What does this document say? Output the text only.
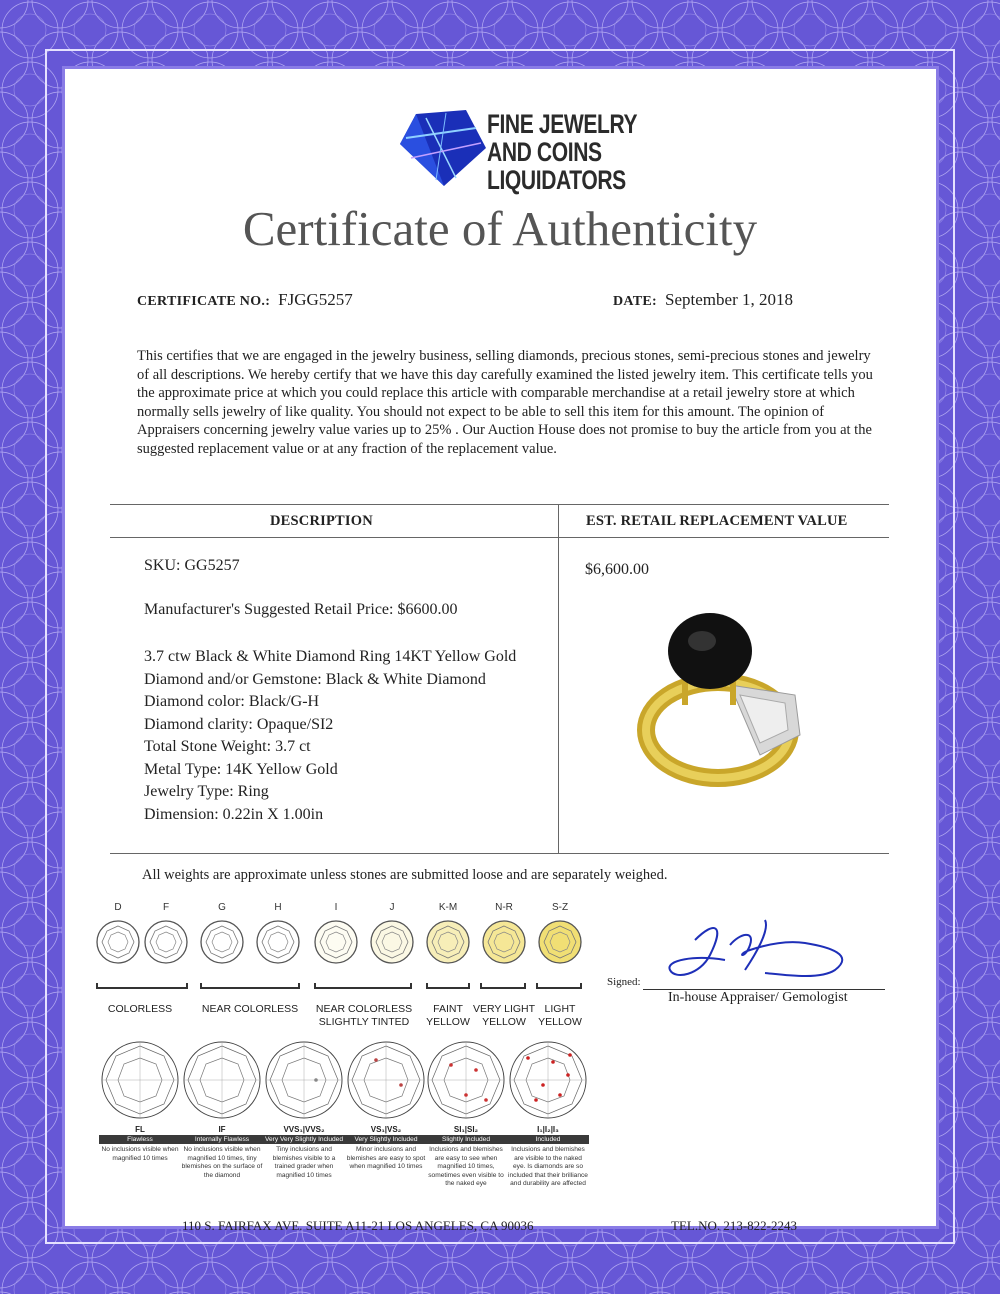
FINE JEWELRY
AND COINS
LIQUIDATORS
Certificate of Authenticity
CERTIFICATE NO.: FJGG5257	DATE: September 1, 2018
This certifies that we are engaged in the jewelry business, selling diamonds, precious stones, semi-precious stones and jewelry of all descriptions. We hereby certify that we have this day carefully examined the listed jewelry item. This certificate tells you the approximate price at which you could replace this article with comparable merchandise at a retail jewelry store at which normally sells jewelry of like quality. You should not expect to be able to sell this item for this amount. The opinion of Appraisers concerning jewelry value varies up to 25% . Our Auction House does not promise to buy the article from you at the suggested replacement value or at any fraction of the replacement value.
DESCRIPTION	EST. RETAIL REPLACEMENT VALUE
SKU: GG5257
Manufacturer's Suggested Retail Price: $6600.00
3.7 ctw Black & White Diamond Ring 14KT Yellow Gold
Diamond and/or Gemstone: Black & White Diamond
Diamond color: Black/G-H
Diamond clarity: Opaque/SI2
Total Stone Weight: 3.7 ct
Metal Type: 14K Yellow Gold
Jewelry Type: Ring
Dimension: 0.22in X 1.00in
$6,600.00
All weights are approximate unless stones are submitted loose and are separately weighed.
D	F	G	H	I	J	K-M	N-R	S-Z
COLORLESS	NEAR COLORLESS	NEAR COLORLESS
SLIGHTLY TINTED
FAINT
YELLOW
VERY LIGHT
YELLOW
LIGHT
YELLOW
FL
Flawless
No inclusions visible when magnified 10 times
IF
Internally Flawless
No inclusions visible when magnified 10 times, tiny blemishes on the surface of the diamond
VVS₁|VVS₂
Very Very Slightly Included
Tiny inclusions and blemishes visible to a trained grader when magnified 10 times
VS₁|VS₂
Very Slightly Included
Minor inclusions and blemishes are easy to spot when magnified 10 times
SI₁|SI₂
Slightly Included
Inclusions and blemishes are easy to see when magnified 10 times, sometimes even visible to the naked eye
I₁|I₂|I₃
Included
Inclusions and blemishes are visible to the naked eye. Is diamonds are so included that their brilliance and durability are affected
Signed:
In-house Appraiser/ Gemologist
110 S. FAIRFAX AVE. SUITE A11-21 LOS ANGELES, CA 90036	TEL.NO. 213-822-2243
